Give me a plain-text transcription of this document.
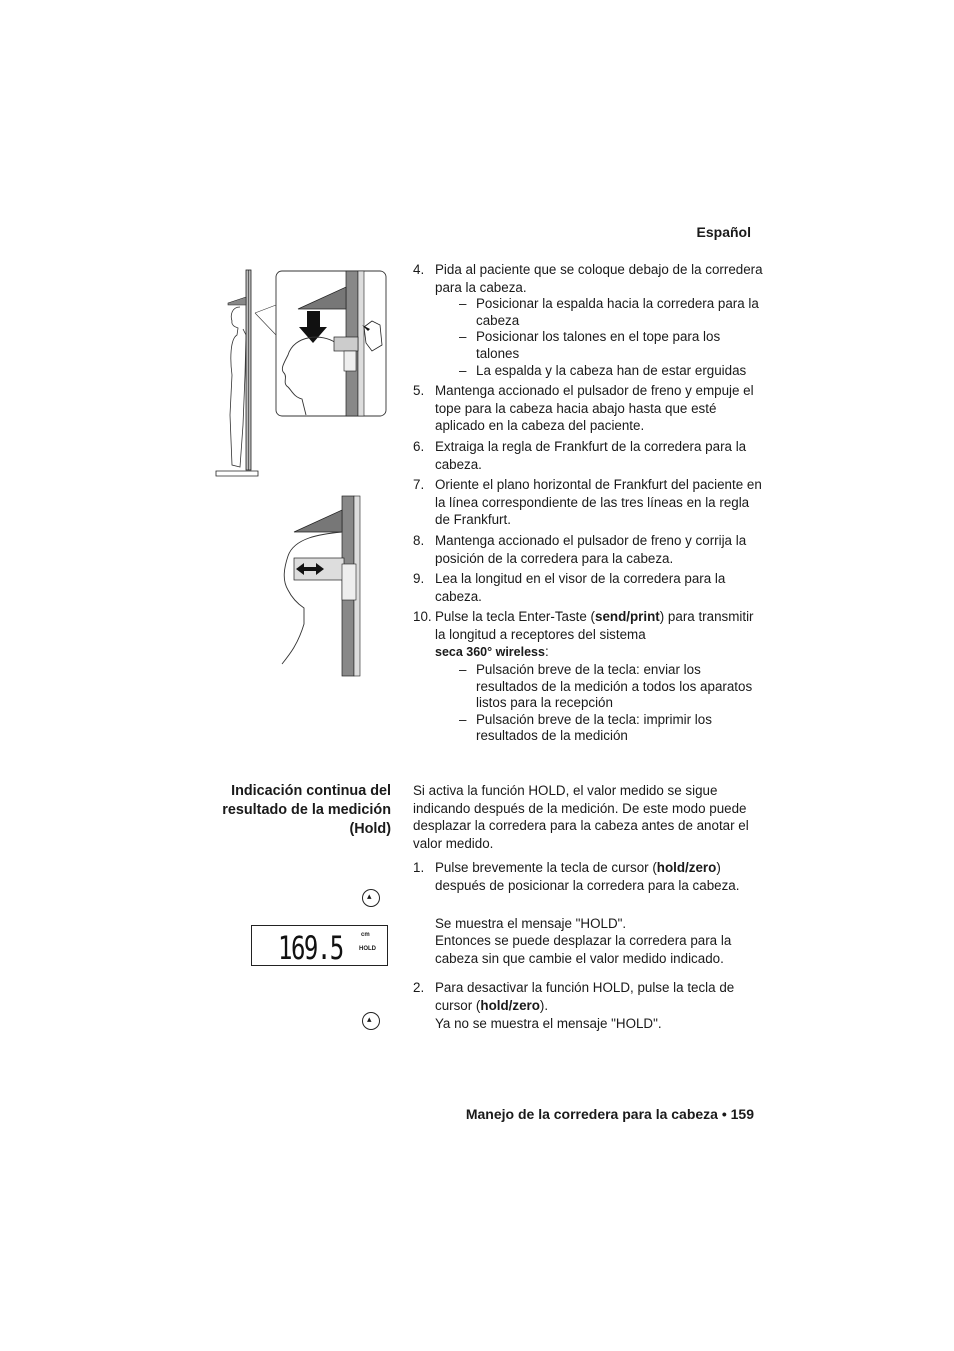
Español
4. Pida al paciente que se coloque debajo de la corredera para la cabeza.
– Posicionar la espalda hacia la corredera para la cabeza
– Posicionar los talones en el tope para los talones
– La espalda y la cabeza han de estar erguidas
5. Mantenga accionado el pulsador de freno y empuje el tope para la cabeza hacia abajo hasta que esté aplicado en la cabeza del paciente.
6. Extraiga la regla de Frankfurt de la corredera para la cabeza.
7. Oriente el plano horizontal de Frankfurt del paciente en la línea correspondiente de las tres líneas en la regla de Frankfurt.
8. Mantenga accionado el pulsador de freno y corrija la posición de la corredera para la cabeza.
9. Lea la longitud en el visor de la corredera para la cabeza.
10. Pulse la tecla Enter-Taste (send/print) para transmitir la longitud a receptores del sistema
seca 360° wireless:
– Pulsación breve de la tecla: enviar los resultados de la medición a todos los aparatos listos para la recepción
– Pulsación breve de la tecla: imprimir los resultados de la medición
Indicación continua del resultado de la medición (Hold)
Si activa la función HOLD, el valor medido se sigue indicando después de la medición. De este modo puede desplazar la corredera para la cabeza antes de anotar el valor medido.
1. Pulse brevemente la tecla de cursor (hold/zero) después de posicionar la corredera para la cabeza.
Se muestra el mensaje "HOLD".
Entonces se puede desplazar la corredera para la cabeza sin que cambie el valor medido indicado.
2. Para desactivar la función HOLD, pulse la tecla de cursor (hold/zero).
Ya no se muestra el mensaje "HOLD".
▴
▴
169.5	cm
HOLD
Manejo de la corredera para la cabeza • 159
